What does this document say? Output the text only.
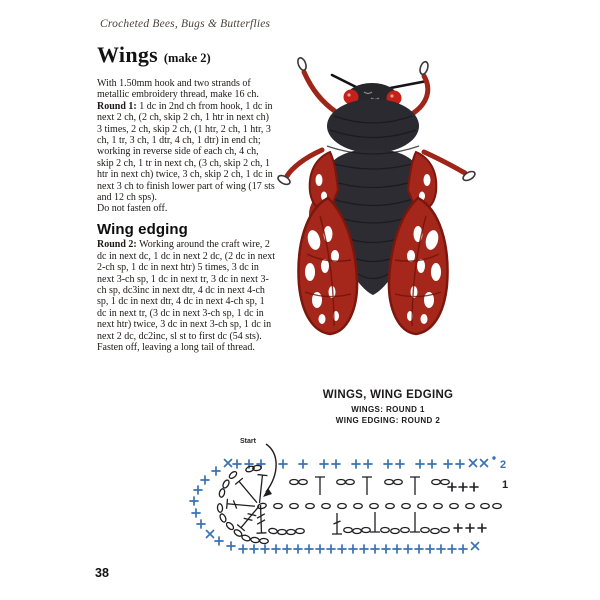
Crocheted Bees, Bugs & Butterflies
Wings (make 2)

With 1.50mm hook and two strands of metallic embroidery thread, make 16 ch.

Round 1: 1 dc in 2nd ch from hook, 1 dc in next 2 ch, (2 ch, skip 2 ch, 1 htr in next ch) 3 times, 2 ch, skip 2 ch, (1 htr, 2 ch, 1 htr, 3 ch, 1 tr, 3 ch, 1 dtr, 4 ch, 1 dtr) in end ch; working in reverse side of each ch, 4 ch, skip 2 ch, 1 tr in next ch, (3 ch, skip 2 ch, 1 htr in next ch) twice, 3 ch, skip 2 ch, 1 dc in next 3 ch to finish lower part of wing (17 sts and 12 ch sps).

Do not fasten off.

Wing edging

Round 2: Working around the craft wire, 2 dc in next dc, 1 dc in next 2 dc, (2 dc in next 2-ch sp, 1 dc in next htr) 5 times, 3 dc in next 3-ch sp, 1 dc in next tr, 3 dc in next 3-ch sp, dc3inc in next dtr, 4 dc in next 4-ch sp, 1 dc in next dtr, 4 dc in next 4-ch sp, 1 dc in next tr, (3 dc in next 3-ch sp, 1 dc in next htr) twice, 3 dc in next 3-ch sp, 1 dc in next 2 dc, dc2inc, sl st to first dc (54 sts).

Fasten off, leaving a long tail of thread.

WINGS, WING EDGING
WINGS: ROUND 1
WING EDGING: ROUND 2
Start
2
1
38
